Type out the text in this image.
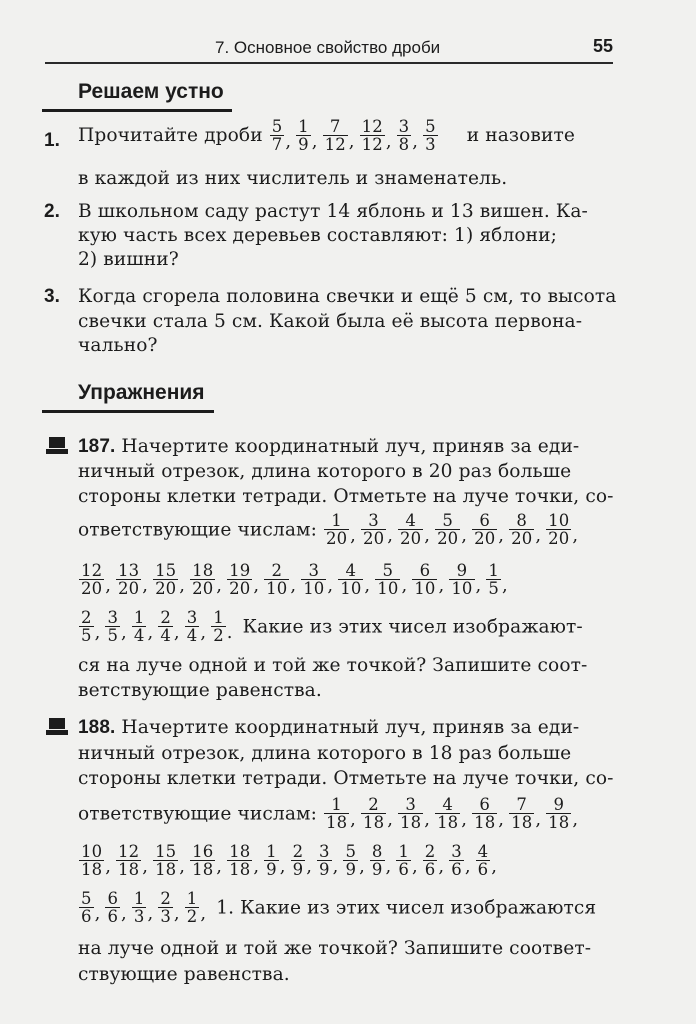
7. Основное свойство дроби	55
Решаем устно
1. Прочитайте дроби $\frac{5}{7}$ , $\frac{1}{9}$ , $\frac{7}{12}$ , $\frac{12}{12}$ , $\frac{3}{8}$ , $\frac{5}{3}$ и назовите
в каждой из них числитель и знаменатель.
2. В школьном саду растут 14 яблонь и 13 вишен. Ка-
кую часть всех деревьев составляют: 1) яблони;
2) вишни?
3. Когда сгорела половина свечки и ещё 5 см, то высота
свечки стала 5 см. Какой была её высота первона-
чально?
Упражнения
187. Начертите координатный луч, приняв за еди-
ничный отрезок, длина которого в 20 раз больше
стороны клетки тетради. Отметьте на луче точки, со-
ответствующие числам: $\frac{1}{20}$ , $\frac{3}{20}$ , $\frac{4}{20}$ , $\frac{5}{20}$ , $\frac{6}{20}$ , $\frac{8}{20}$ , $\frac{10}{20}$ ,
$\frac{12}{20}$ , $\frac{13}{20}$ , $\frac{15}{20}$ , $\frac{18}{20}$ , $\frac{19}{20}$ , $\frac{2}{10}$ , $\frac{3}{10}$ , $\frac{4}{10}$ , $\frac{5}{10}$ , $\frac{6}{10}$ , $\frac{9}{10}$ , $\frac{1}{5}$ ,
$\frac{2}{5}$ , $\frac{3}{5}$ , $\frac{1}{4}$ , $\frac{2}{4}$ , $\frac{3}{4}$ , $\frac{1}{2}$ . Какие из этих чисел изображают-
ся на луче одной и той же точкой? Запишите соот-
ветствующие равенства.
188. Начертите координатный луч, приняв за еди-
ничный отрезок, длина которого в 18 раз больше
стороны клетки тетради. Отметьте на луче точки, со-
ответствующие числам: $\frac{1}{18}$ , $\frac{2}{18}$ , $\frac{3}{18}$ , $\frac{4}{18}$ , $\frac{6}{18}$ , $\frac{7}{18}$ , $\frac{9}{18}$ ,
$\frac{10}{18}$ , $\frac{12}{18}$ , $\frac{15}{18}$ , $\frac{16}{18}$ , $\frac{18}{18}$ , $\frac{1}{9}$ , $\frac{2}{9}$ , $\frac{3}{9}$ , $\frac{5}{9}$ , $\frac{8}{9}$ , $\frac{1}{6}$ , $\frac{2}{6}$ , $\frac{3}{6}$ , $\frac{4}{6}$ ,
$\frac{5}{6}$ , $\frac{6}{6}$ , $\frac{1}{3}$ , $\frac{2}{3}$ , $\frac{1}{2}$ , 1. Какие из этих чисел изображаются
на луче одной и той же точкой? Запишите соответ-
ствующие равенства.
